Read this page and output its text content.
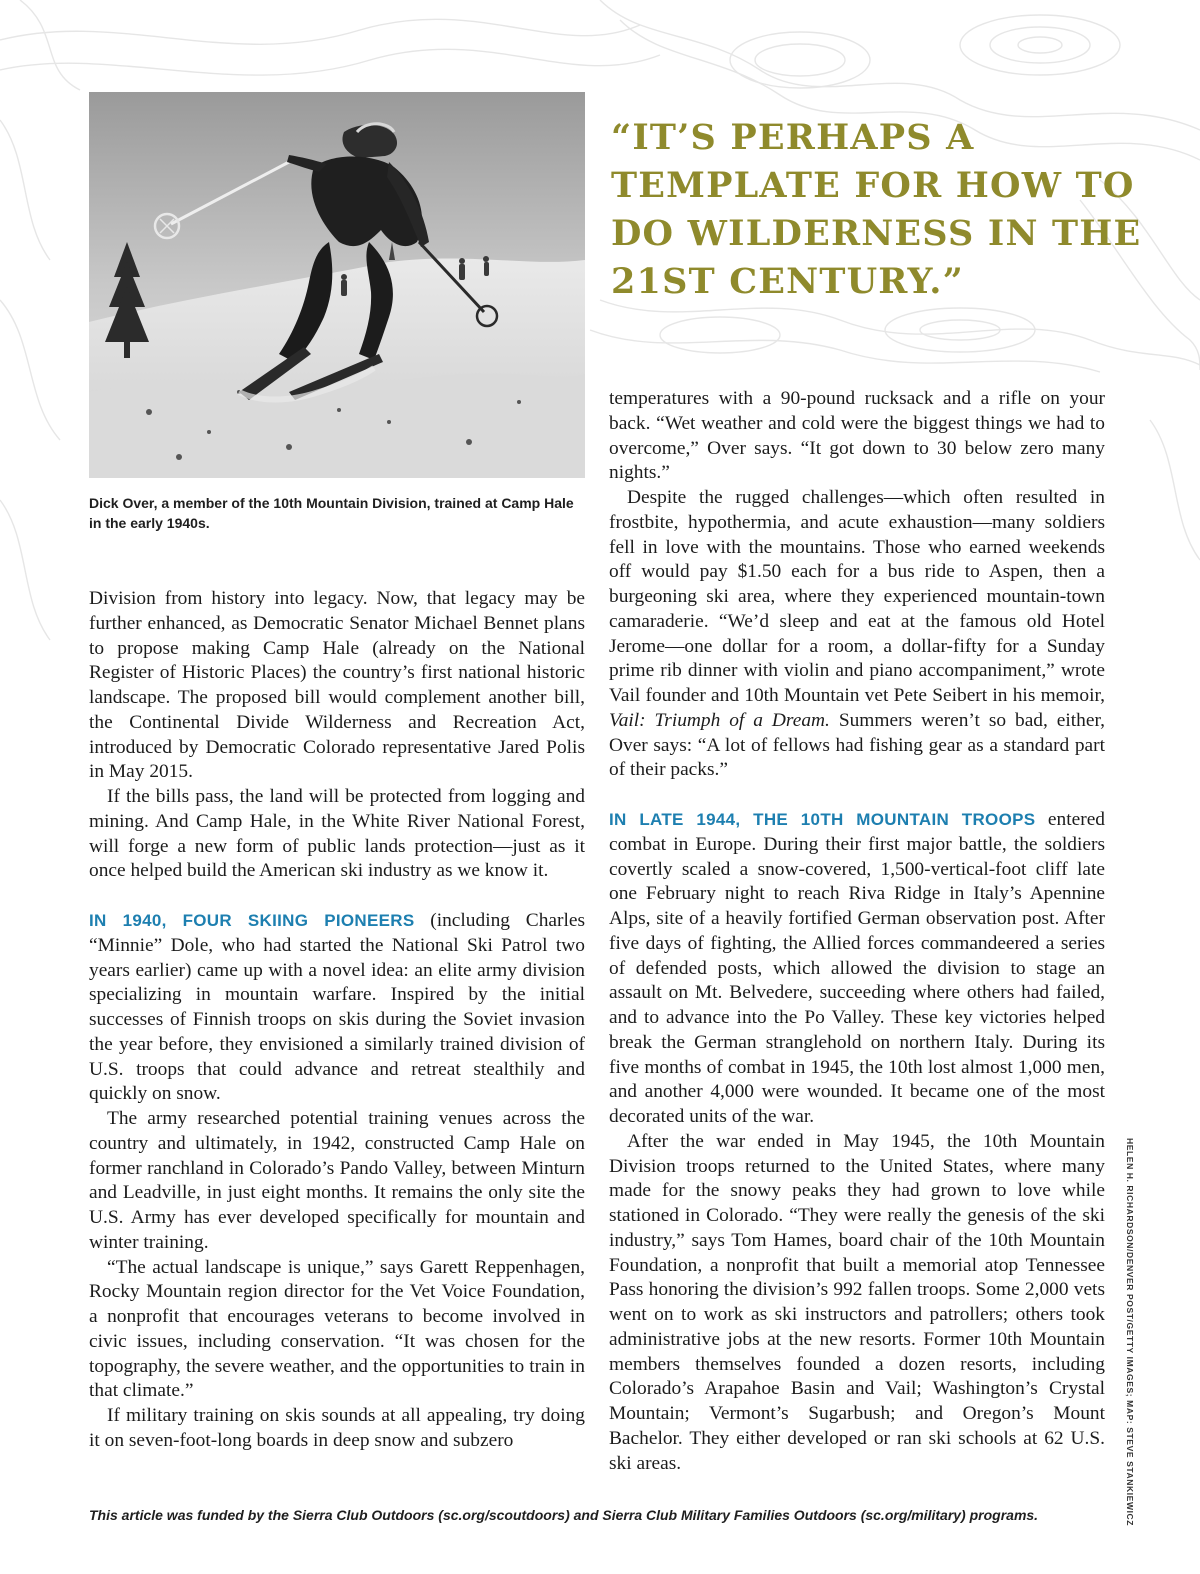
Dick Over, a member of the 10th Mountain Division, trained at Camp Hale in the early 1940s.
“IT’S PERHAPS A TEMPLATE FOR HOW TO DO WILDERNESS IN THE 21ST CENTURY.”

Division from history into legacy. Now, that legacy may be further enhanced, as Democratic Senator Michael Bennet plans to propose making Camp Hale (already on the National Register of Historic Places) the country’s first national historic landscape. The proposed bill would complement another bill, the Continental Divide Wilderness and Recreation Act, introduced by Democratic Colorado representative Jared Polis in May 2015.

If the bills pass, the land will be protected from logging and mining. And Camp Hale, in the White River National Forest, will forge a new form of public lands protection—just as it once helped build the American ski industry as we know it.

IN 1940, FOUR SKIING PIONEERS (including Charles “Minnie” Dole, who had started the National Ski Patrol two years earlier) came up with a novel idea: an elite army division specializing in mountain warfare. Inspired by the initial successes of Finnish troops on skis during the Soviet invasion the year before, they envisioned a similarly trained division of U.S. troops that could advance and retreat stealthily and quickly on snow.

The army researched potential training venues across the country and ultimately, in 1942, constructed Camp Hale on former ranchland in Colorado’s Pando Valley, between Minturn and Leadville, in just eight months. It remains the only site the U.S. Army has ever developed specifically for mountain and winter training.

“The actual landscape is unique,” says Garett Reppenhagen, Rocky Mountain region director for the Vet Voice Foundation, a nonprofit that encourages veterans to become involved in civic issues, including conservation. “It was chosen for the topography, the severe weather, and the opportunities to train in that climate.”

If military training on skis sounds at all appealing, try doing it on seven-foot-long boards in deep snow and subzero

temperatures with a 90-pound rucksack and a rifle on your back. “Wet weather and cold were the biggest things we had to overcome,” Over says. “It got down to 30 below zero many nights.”

Despite the rugged challenges—which often resulted in frostbite, hypothermia, and acute exhaustion—many soldiers fell in love with the mountains. Those who earned weekends off would pay $1.50 each for a bus ride to Aspen, then a burgeoning ski area, where they experienced mountain-town camaraderie. “We’d sleep and eat at the famous old Hotel Jerome—one dollar for a room, a dollar-fifty for a Sunday prime rib dinner with violin and piano accompaniment,” wrote Vail founder and 10th Mountain vet Pete Seibert in his memoir, Vail: Triumph of a Dream. Summers weren’t so bad, either, Over says: “A lot of fellows had fishing gear as a standard part of their packs.”

IN LATE 1944, THE 10TH MOUNTAIN TROOPS entered combat in Europe. During their first major battle, the soldiers covertly scaled a snow-covered, 1,500-vertical-foot cliff late one February night to reach Riva Ridge in Italy’s Apennine Alps, site of a heavily fortified German observation post. After five days of fighting, the Allied forces commandeered a series of defended posts, which allowed the division to stage an assault on Mt. Belvedere, succeeding where others had failed, and to advance into the Po Valley. These key victories helped break the German stranglehold on northern Italy. During its five months of combat in 1945, the 10th lost almost 1,000 men, and another 4,000 were wounded. It became one of the most decorated units of the war.

After the war ended in May 1945, the 10th Mountain Division troops returned to the United States, where many made for the snowy peaks they had grown to love while stationed in Colorado. “They were really the genesis of the ski industry,” says Tom Hames, board chair of the 10th Mountain Foundation, a nonprofit that built a memorial atop Tennessee Pass honoring the division’s 992 fallen troops. Some 2,000 vets went on to work as ski instructors and patrollers; others took administrative jobs at the new resorts. Former 10th Mountain members themselves founded a dozen resorts, including Colorado’s Arapahoe Basin and Vail; Washington’s Crystal Mountain; Vermont’s Sugarbush; and Oregon’s Mount Bachelor. They either developed or ran ski schools at 62 U.S. ski areas.	HELEN H. RICHARDSON/DENVER POST/GETTY IMAGES; MAP: STEVE STANKIEWICZ
This article was funded by the Sierra Club Outdoors (sc.org/scoutdoors) and Sierra Club Military Families Outdoors (sc.org/military) programs.
